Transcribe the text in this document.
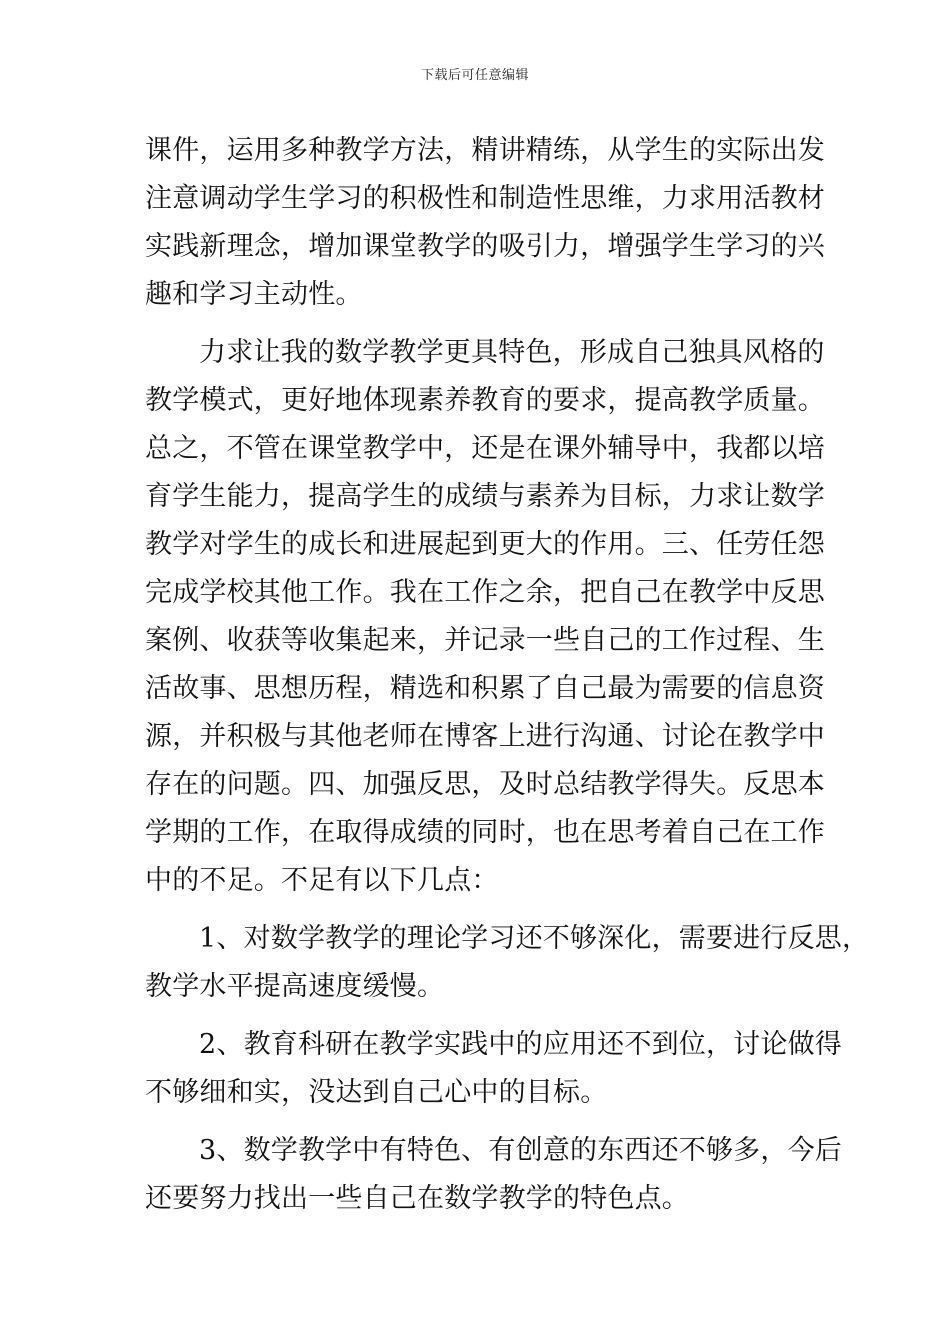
下载后可任意编辑
课件，运用多种教学方法，精讲精练，从学生的实际出发
注意调动学生学习的积极性和制造性思维，力求用活教材
实践新理念，增加课堂教学的吸引力，增强学生学习的兴
趣和学习主动性。
力求让我的数学教学更具特色，形成自己独具风格的
教学模式，更好地体现素养教育的要求，提高教学质量。
总之，不管在课堂教学中，还是在课外辅导中，我都以培
育学生能力，提高学生的成绩与素养为目标，力求让数学
教学对学生的成长和进展起到更大的作用。三、任劳任怨
完成学校其他工作。我在工作之余，把自己在教学中反思
案例、收获等收集起来，并记录一些自己的工作过程、生
活故事、思想历程，精选和积累了自己最为需要的信息资
源，并积极与其他老师在博客上进行沟通、讨论在教学中
存在的问题。四、加强反思，及时总结教学得失。反思本
学期的工作，在取得成绩的同时，也在思考着自己在工作
中的不足。不足有以下几点：
1、对数学教学的理论学习还不够深化，需要进行反思，
教学水平提高速度缓慢。
2、教育科研在教学实践中的应用还不到位，讨论做得
不够细和实，没达到自己心中的目标。
3、数学教学中有特色、有创意的东西还不够多，今后
还要努力找出一些自己在数学教学的特色点。
